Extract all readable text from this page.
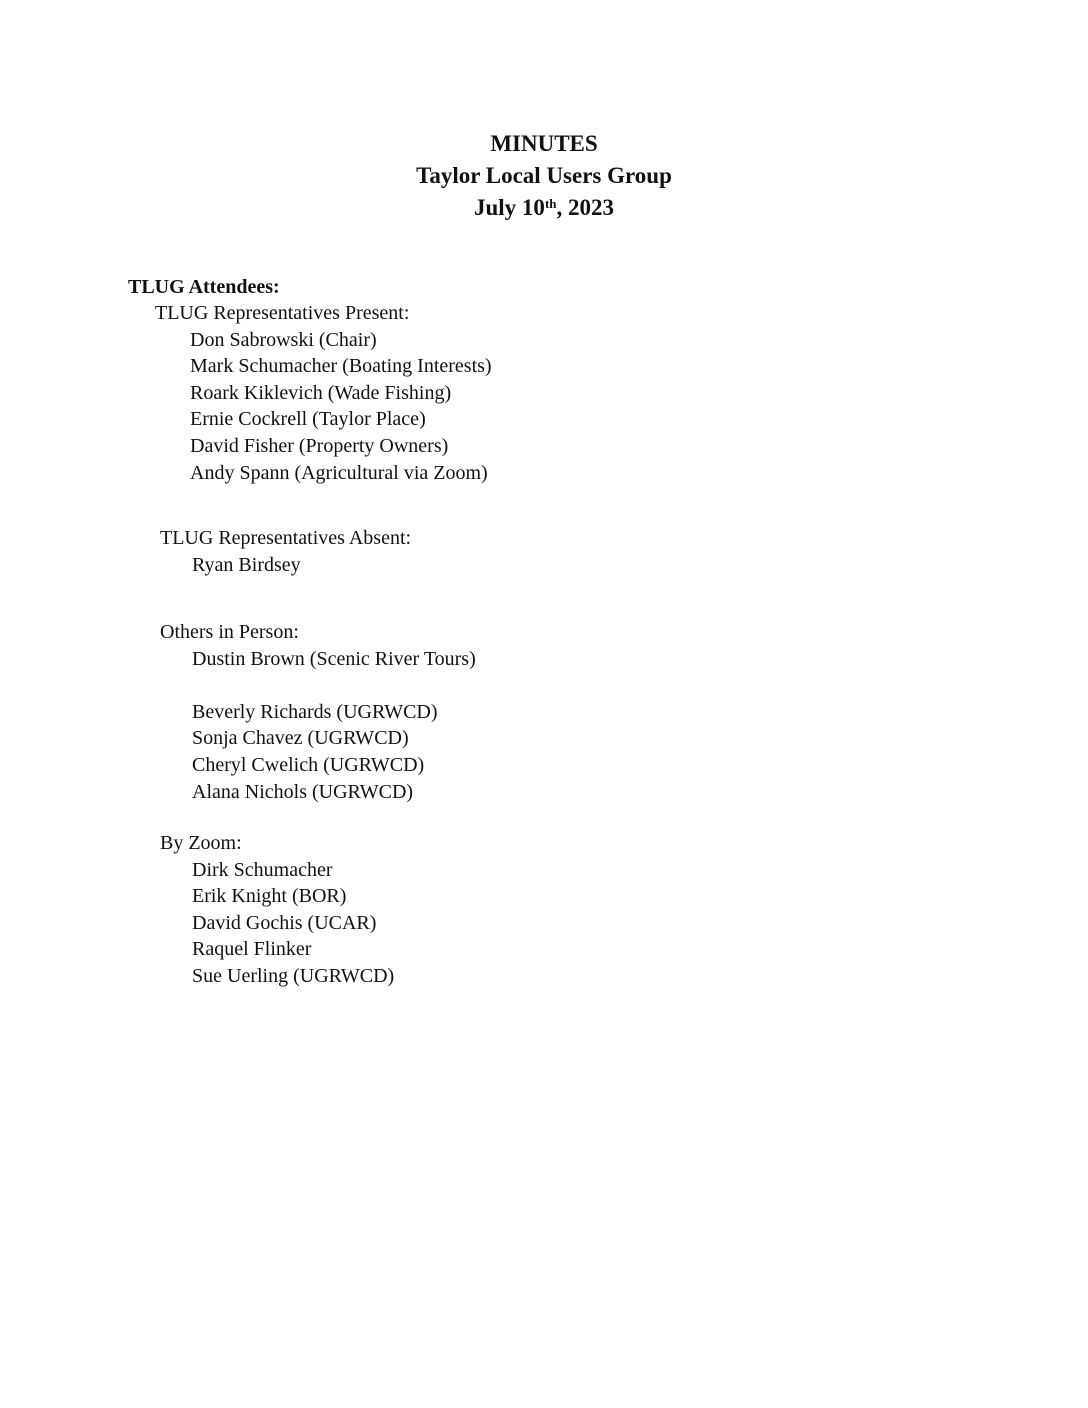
MINUTES
Taylor Local Users Group
July 10th, 2023
TLUG Attendees:
TLUG Representatives Present:
Don Sabrowski (Chair)
Mark Schumacher (Boating Interests)
Roark Kiklevich (Wade Fishing)
Ernie Cockrell (Taylor Place)
David Fisher (Property Owners)
Andy Spann (Agricultural via Zoom)
TLUG Representatives Absent:
Ryan Birdsey
Others in Person:
Dustin Brown (Scenic River Tours)
Beverly Richards (UGRWCD)
Sonja Chavez (UGRWCD)
Cheryl Cwelich (UGRWCD)
Alana Nichols (UGRWCD)
By Zoom:
Dirk Schumacher
Erik Knight (BOR)
David Gochis (UCAR)
Raquel Flinker
Sue Uerling (UGRWCD)
